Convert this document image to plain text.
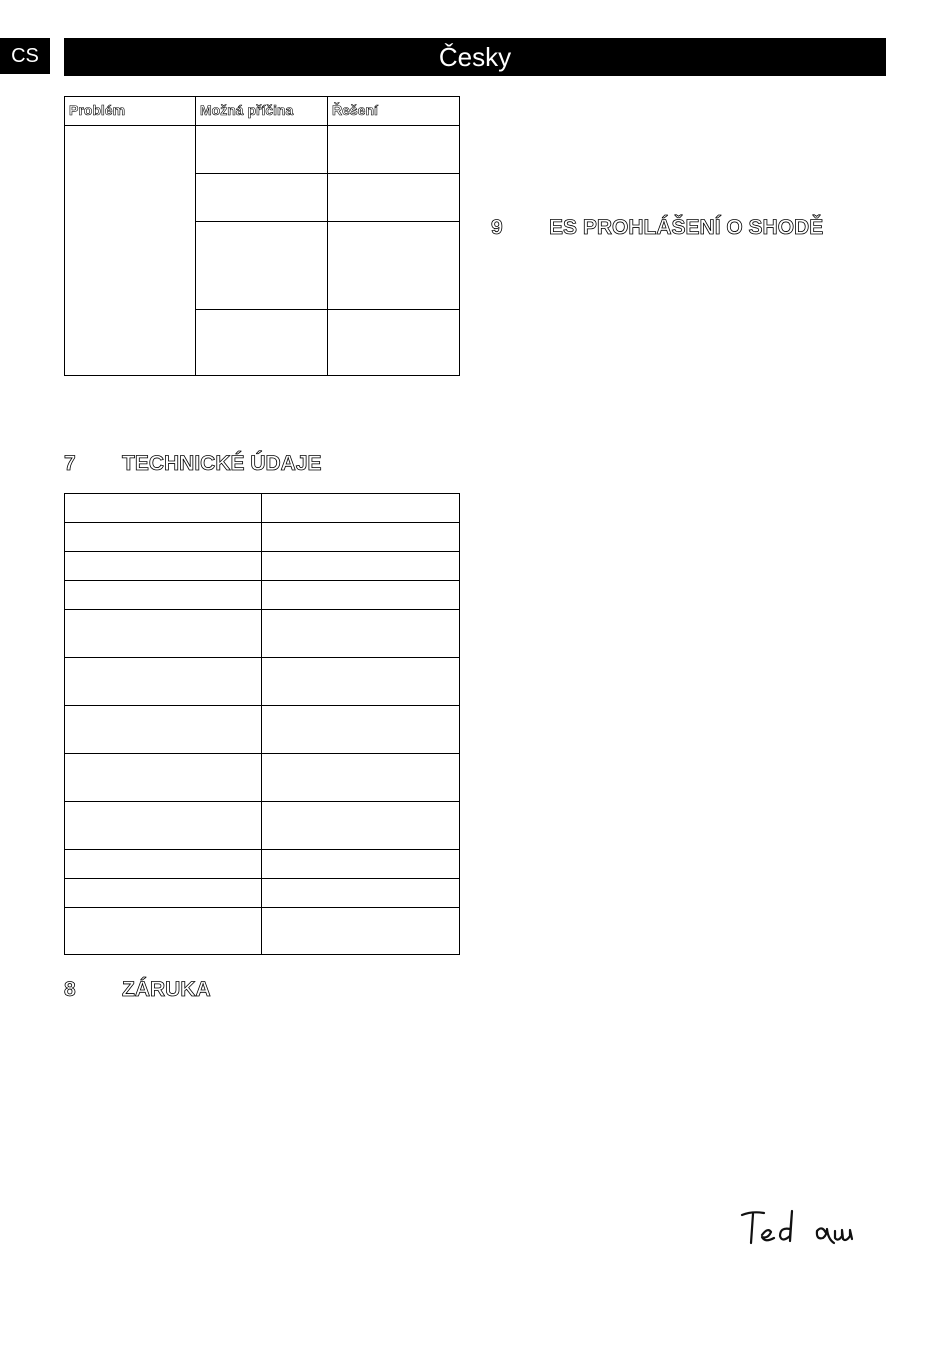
CS	Česky
Problém	Možná příčina	Řešení

7 TECHNICKÉ ÚDAJE

8 ZÁRUKA
9 ES PROHLÁŠENÍ O SHODĚ
